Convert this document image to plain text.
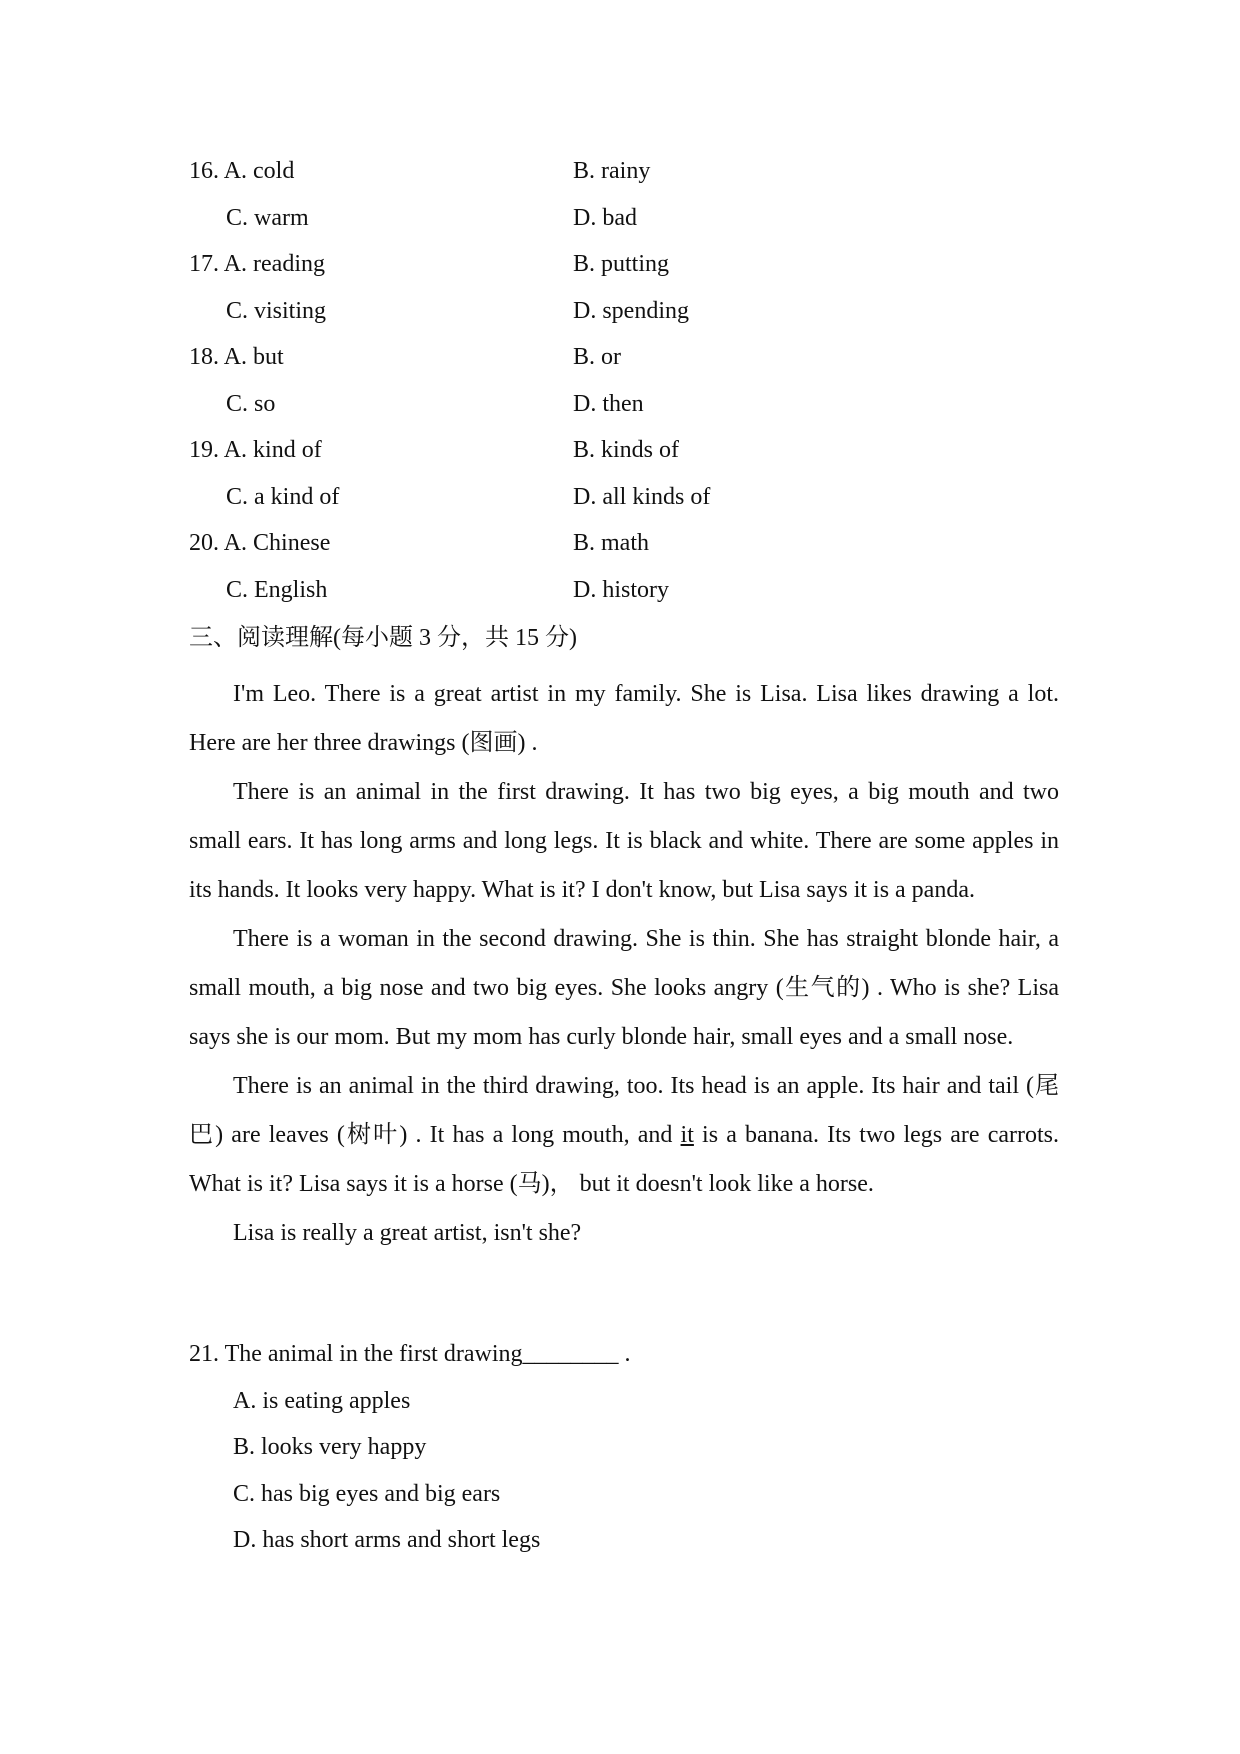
16. A. cold	B. rainy
C. warm	D. bad
17. A. reading	B. putting
C. visiting	D. spending
18. A. but	B. or
C. so	D. then
19. A. kind of	B. kinds of
C. a kind of	D. all kinds of
20. A. Chinese	B. math
C. English	D. history
三、阅读理解(每小题 3 分，共 15 分)

I'm Leo. There is a great artist in my family. She is Lisa. Lisa likes drawing a lot. Here are her three drawings (图画) .

There is an animal in the first drawing. It has two big eyes, a big mouth and two small ears. It has long arms and long legs. It is black and white. There are some apples in its hands. It looks very happy. What is it? I don't know, but Lisa says it is a panda.

There is a woman in the second drawing. She is thin. She has straight blonde hair, a small mouth, a big nose and two big eyes. She looks angry (生气的) . Who is she? Lisa says she is our mom. But my mom has curly blonde hair, small eyes and a small nose.

There is an animal in the third drawing, too. Its head is an apple. Its hair and tail (尾巴) are leaves (树叶) . It has a long mouth, and it is a banana. Its two legs are carrots. What is it? Lisa says it is a horse (马)， but it doesn't look like a horse.

Lisa is really a great artist, isn't she?

21. The animal in the first drawing________ .
A. is eating apples
B. looks very happy
C. has big eyes and big ears
D. has short arms and short legs
